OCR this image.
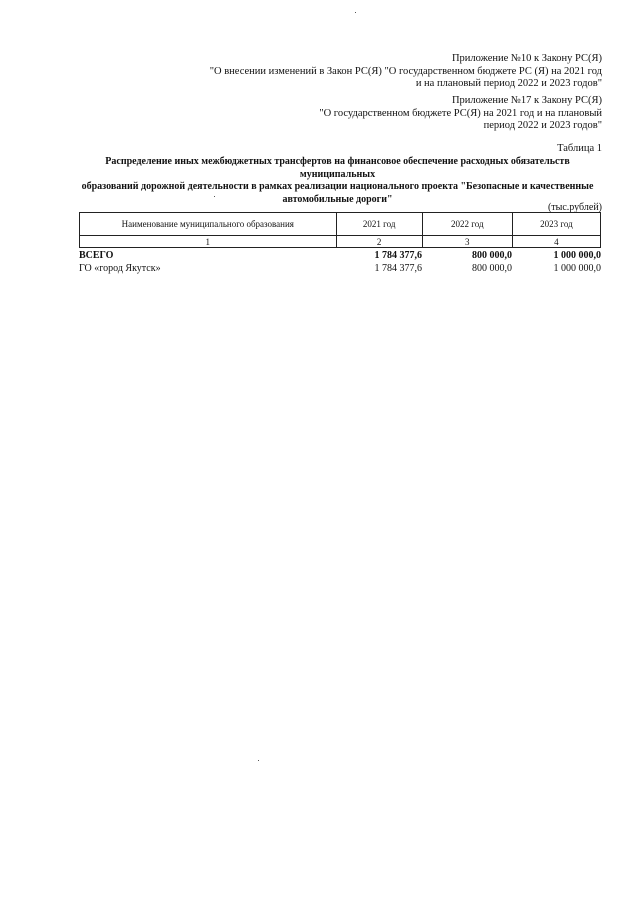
Приложение №10 к Закону РС(Я)
"О внесении изменений в Закон РС(Я) "О государственном бюджете РС (Я) на 2021 год
и на плановый период 2022 и 2023 годов"
Приложение №17 к Закону РС(Я)
"О государственном бюджете РС(Я) на 2021 год и на плановый
период 2022 и 2023 годов"
Таблица 1
Распределение иных межбюджетных трансфертов на финансовое обеспечение расходных обязательств муниципальных
образований дорожной деятельности в рамках реализации национального проекта "Безопасные и качественные
автомобильные дороги"
(тыс.рублей)
Наименование муниципального образования	2021 год	2022 год	2023 год
1	2	3	4
ВСЕГО	1 784 377,6	800 000,0	1 000 000,0
ГО «город Якутск»	1 784 377,6	800 000,0	1 000 000,0
